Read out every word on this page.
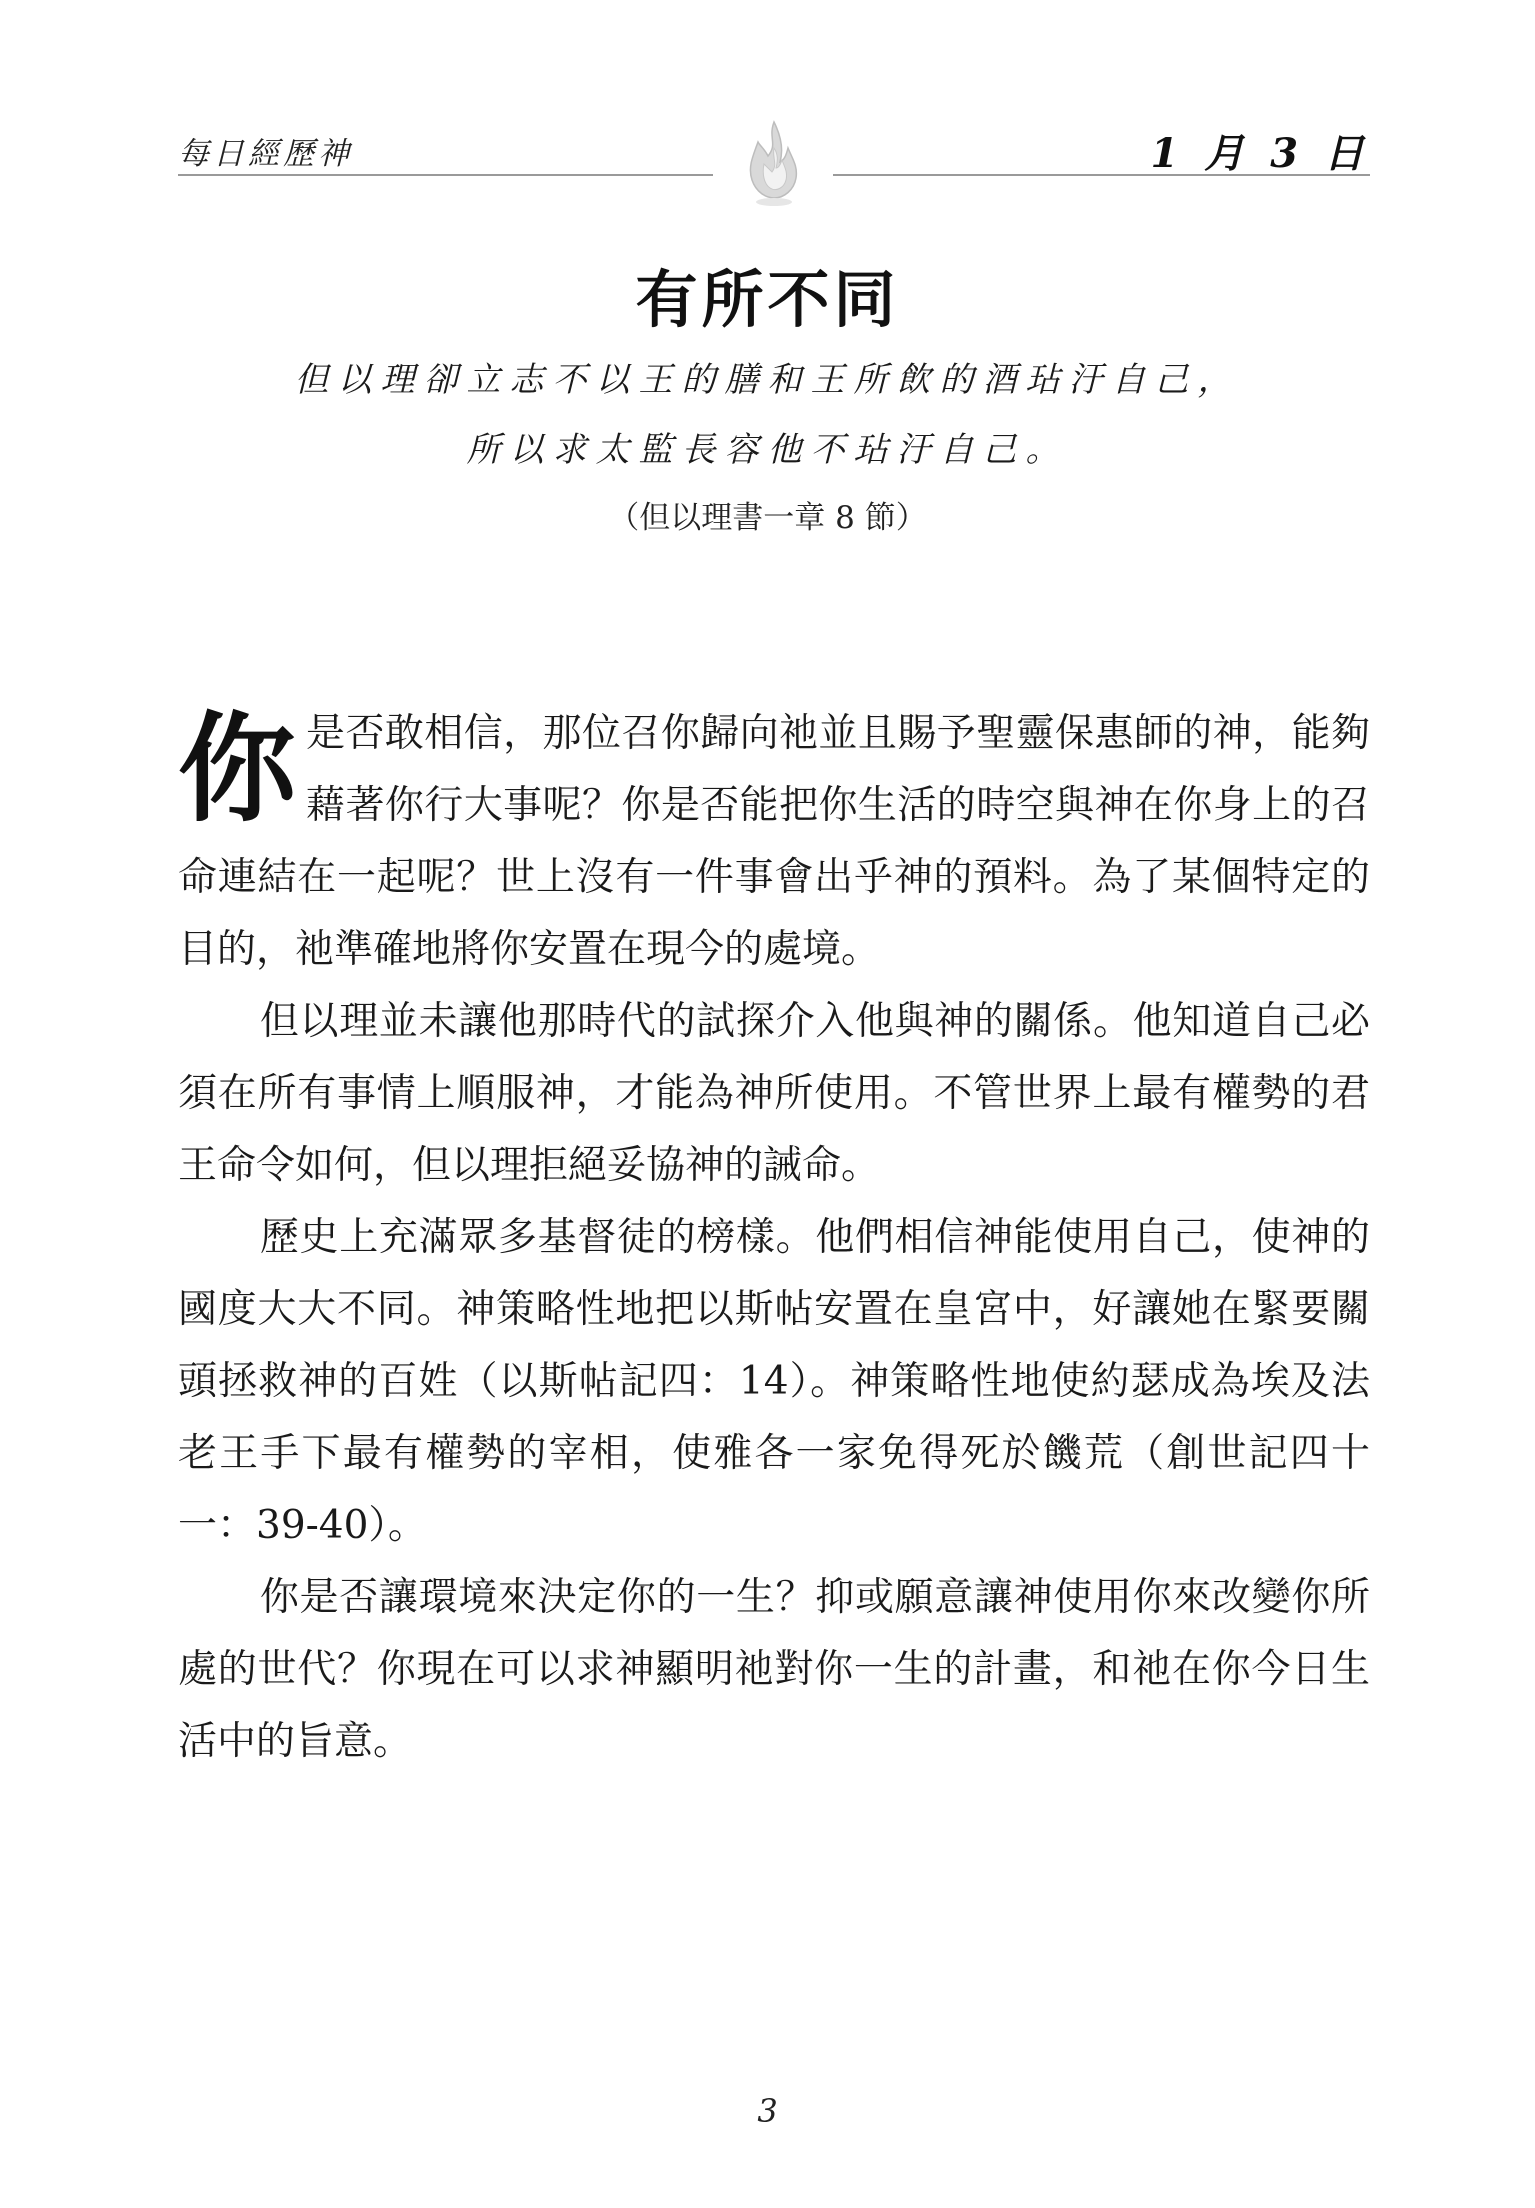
每日經歷神	1 月 3 日
有所不同
但以理卻立志不以王的膳和王所飲的酒玷汙自己，
所以求太監長容他不玷汙自己。
（但以理書一章 8 節）

你是否敢相信，那位召你歸向祂並且賜予聖靈保惠師的神，能夠藉著你行大事呢？你是否能把你生活的時空與神在你身上的召命連結在一起呢？世上沒有一件事會出乎神的預料。為了某個特定的目的，祂準確地將你安置在現今的處境。

但以理並未讓他那時代的試探介入他與神的關係。他知道自己必須在所有事情上順服神，才能為神所使用。不管世界上最有權勢的君王命令如何，但以理拒絕妥協神的誡命。

歷史上充滿眾多基督徒的榜樣。他們相信神能使用自己，使神的國度大大不同。神策略性地把以斯帖安置在皇宮中，好讓她在緊要關頭拯救神的百姓（以斯帖記四：14）。神策略性地使約瑟成為埃及法老王手下最有權勢的宰相，使雅各一家免得死於饑荒（創世記四十一：39-40）。

你是否讓環境來決定你的一生？抑或願意讓神使用你來改變你所處的世代？你現在可以求神顯明祂對你一生的計畫，和祂在你今日生活中的旨意。

3
